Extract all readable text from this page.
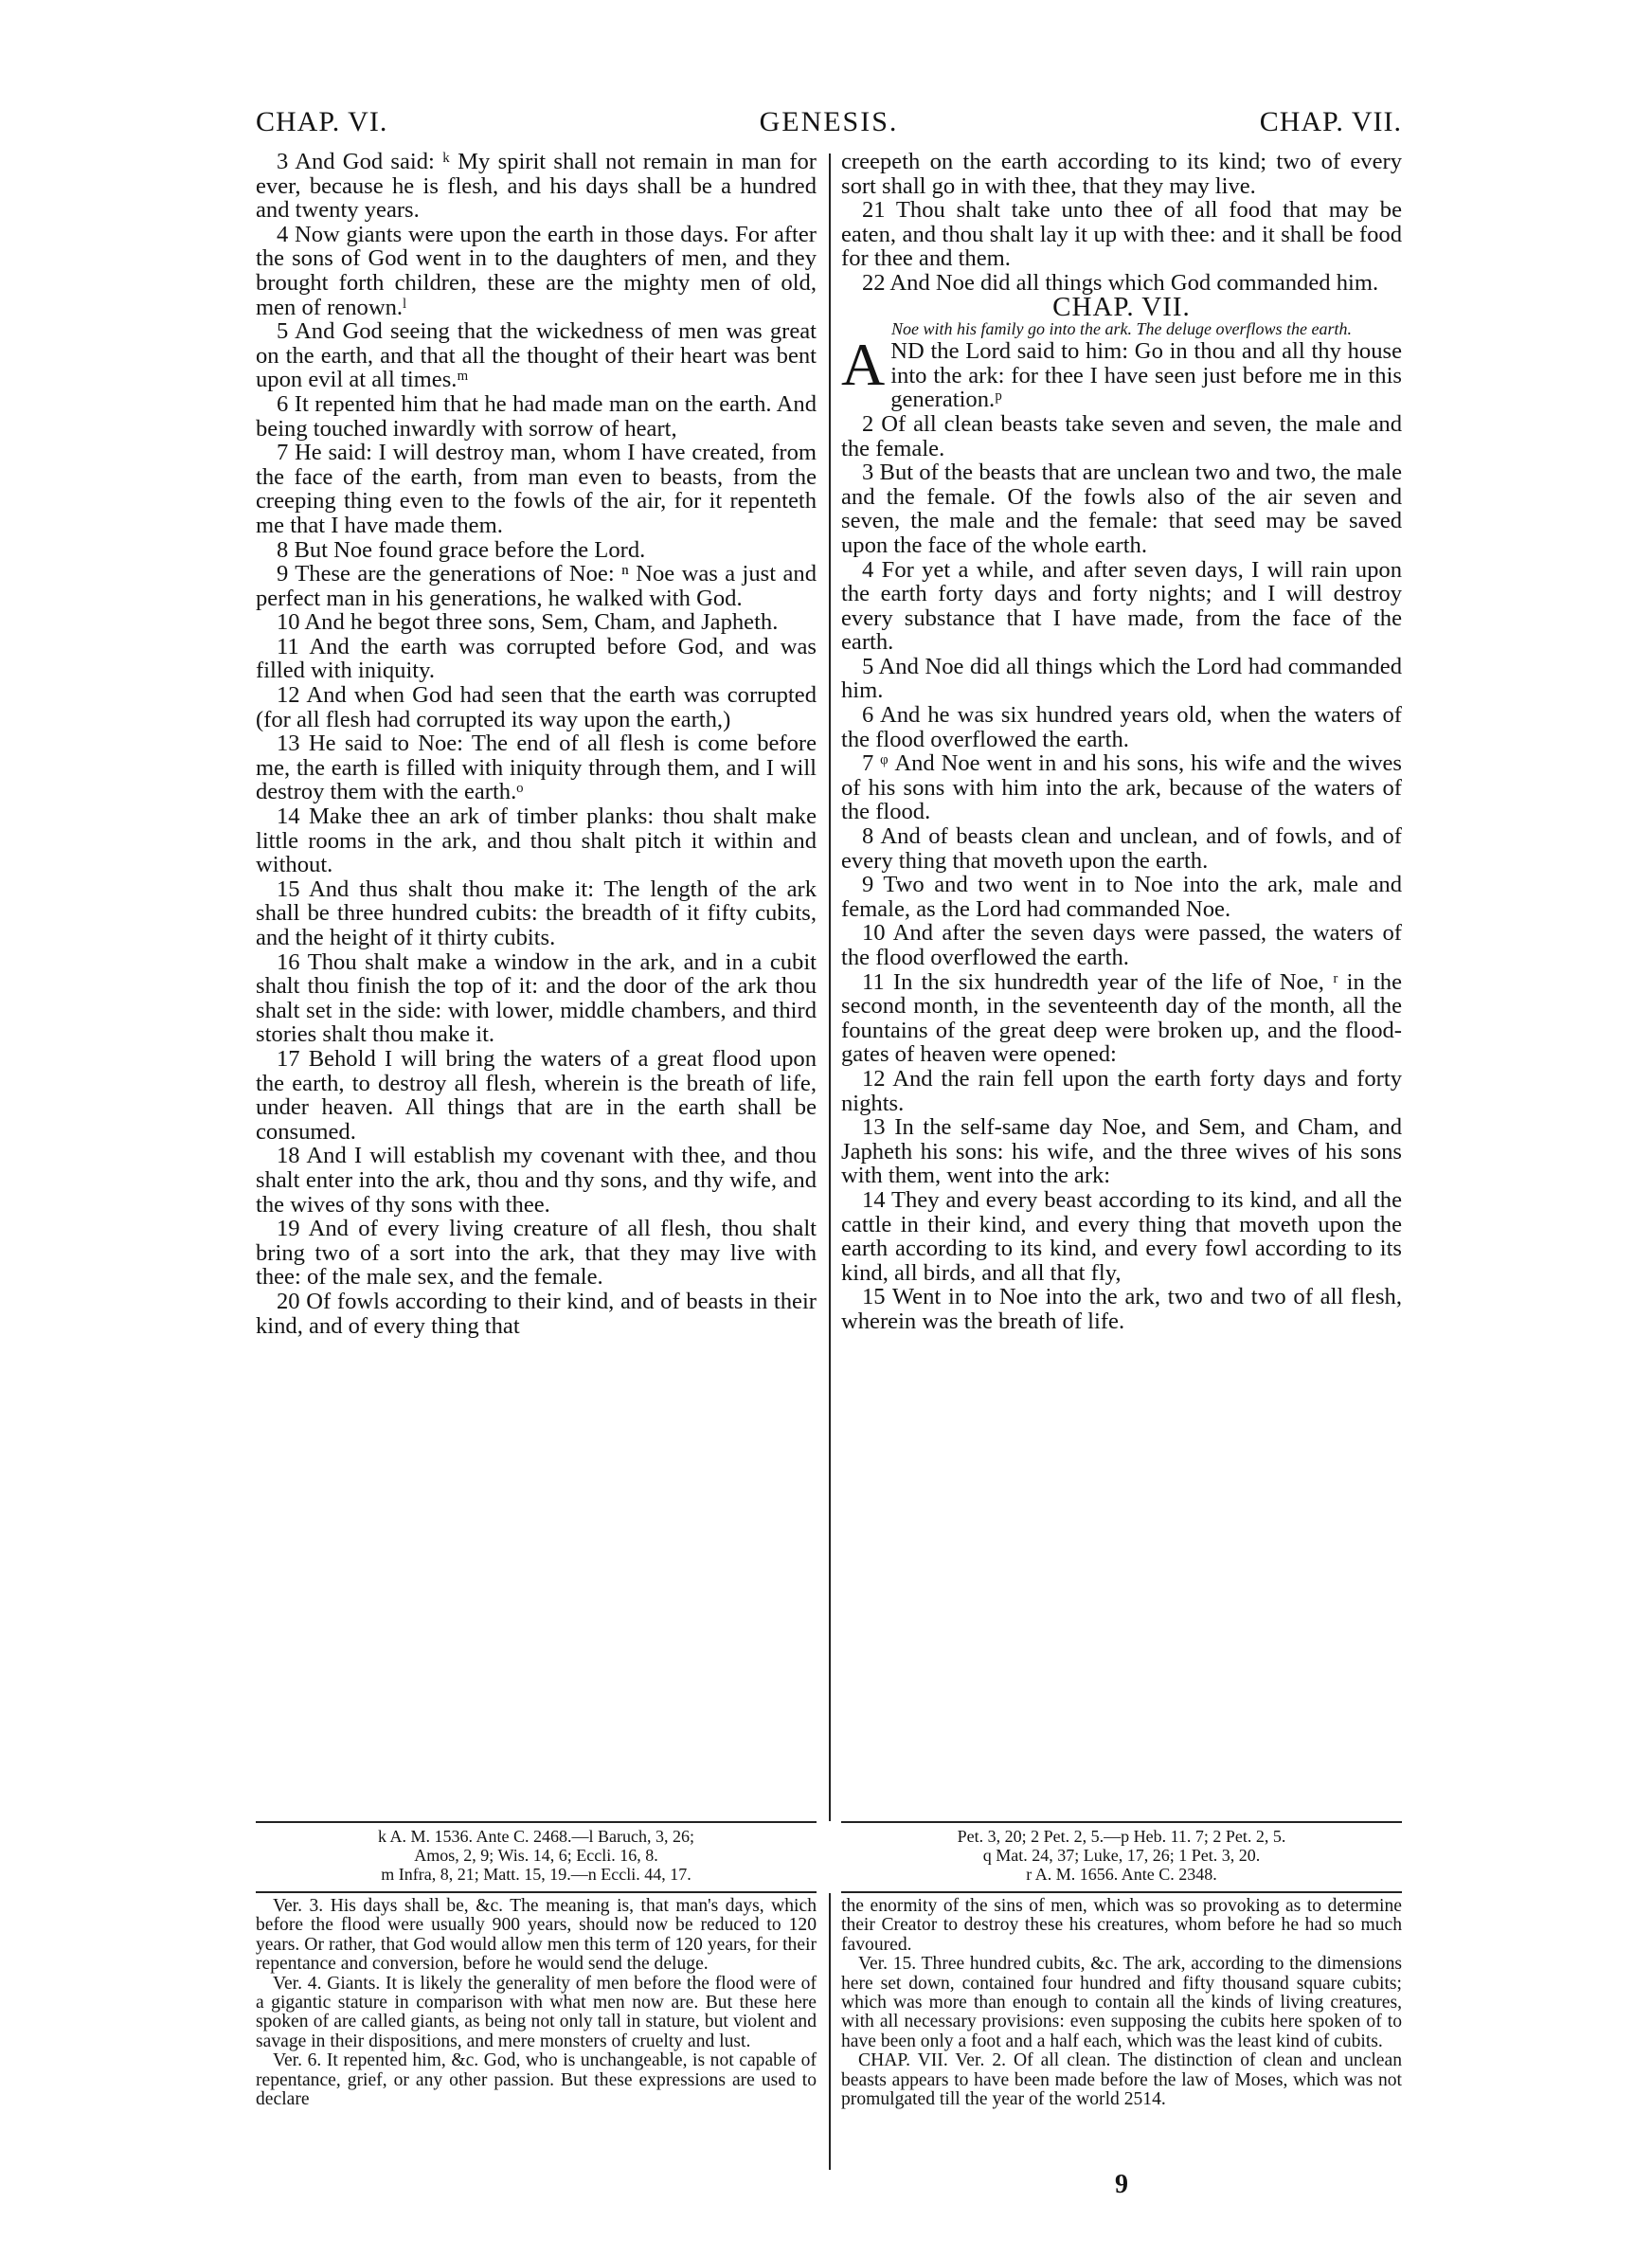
CHAP. VI.	GENESIS.	CHAP. VII.

3 And God said: ᵏ My spirit shall not remain in man for ever, because he is flesh, and his days shall be a hundred and twenty years.

4 Now giants were upon the earth in those days. For after the sons of God went in to the daughters of men, and they brought forth children, these are the mighty men of old, men of renown.ˡ

5 And God seeing that the wickedness of men was great on the earth, and that all the thought of their heart was bent upon evil at all times.ᵐ

6 It repented him that he had made man on the earth. And being touched inwardly with sorrow of heart,

7 He said: I will destroy man, whom I have created, from the face of the earth, from man even to beasts, from the creeping thing even to the fowls of the air, for it repenteth me that I have made them.

8 But Noe found grace before the Lord.

9 These are the generations of Noe: ⁿ Noe was a just and perfect man in his generations, he walked with God.

10 And he begot three sons, Sem, Cham, and Japheth.

11 And the earth was corrupted before God, and was filled with iniquity.

12 And when God had seen that the earth was corrupted (for all flesh had corrupted its way upon the earth,)

13 He said to Noe: The end of all flesh is come before me, the earth is filled with iniquity through them, and I will destroy them with the earth.ᵒ

14 Make thee an ark of timber planks: thou shalt make little rooms in the ark, and thou shalt pitch it within and without.

15 And thus shalt thou make it: The length of the ark shall be three hundred cubits: the breadth of it fifty cubits, and the height of it thirty cubits.

16 Thou shalt make a window in the ark, and in a cubit shalt thou finish the top of it: and the door of the ark thou shalt set in the side: with lower, middle chambers, and third stories shalt thou make it.

17 Behold I will bring the waters of a great flood upon the earth, to destroy all flesh, wherein is the breath of life, under heaven. All things that are in the earth shall be consumed.

18 And I will establish my covenant with thee, and thou shalt enter into the ark, thou and thy sons, and thy wife, and the wives of thy sons with thee.

19 And of every living creature of all flesh, thou shalt bring two of a sort into the ark, that they may live with thee: of the male sex, and the female.

20 Of fowls according to their kind, and of beasts in their kind, and of every thing that

creepeth on the earth according to its kind; two of every sort shall go in with thee, that they may live.

21 Thou shalt take unto thee of all food that may be eaten, and thou shalt lay it up with thee: and it shall be food for thee and them.

22 And Noe did all things which God commanded him.

CHAP. VII.

Noe with his family go into the ark. The deluge overflows the earth.

AND the Lord said to him: Go in thou and all thy house into the ark: for thee I have seen just before me in this generation.ᵖ

2 Of all clean beasts take seven and seven, the male and the female.

3 But of the beasts that are unclean two and two, the male and the female. Of the fowls also of the air seven and seven, the male and the female: that seed may be saved upon the face of the whole earth.

4 For yet a while, and after seven days, I will rain upon the earth forty days and forty nights; and I will destroy every substance that I have made, from the face of the earth.

5 And Noe did all things which the Lord had commanded him.

6 And he was six hundred years old, when the waters of the flood overflowed the earth.

7 ᵠ And Noe went in and his sons, his wife and the wives of his sons with him into the ark, because of the waters of the flood.

8 And of beasts clean and unclean, and of fowls, and of every thing that moveth upon the earth.

9 Two and two went in to Noe into the ark, male and female, as the Lord had commanded Noe.

10 And after the seven days were passed, the waters of the flood overflowed the earth.

11 In the six hundredth year of the life of Noe, ʳ in the second month, in the seventeenth day of the month, all the fountains of the great deep were broken up, and the flood-gates of heaven were opened:

12 And the rain fell upon the earth forty days and forty nights.

13 In the self-same day Noe, and Sem, and Cham, and Japheth his sons: his wife, and the three wives of his sons with them, went into the ark:

14 They and every beast according to its kind, and all the cattle in their kind, and every thing that moveth upon the earth according to its kind, and every fowl according to its kind, all birds, and all that fly,

15 Went in to Noe into the ark, two and two of all flesh, wherein was the breath of life.

k A. M. 1536. Ante C. 2468.—l Baruch, 3, 26;

Amos, 2, 9; Wis. 14, 6; Eccli. 16, 8.

m Infra, 8, 21; Matt. 15, 19.—n Eccli. 44, 17.

Pet. 3, 20; 2 Pet. 2, 5.—p Heb. 11. 7; 2 Pet. 2, 5.

q Mat. 24, 37; Luke, 17, 26; 1 Pet. 3, 20.

r A. M. 1656. Ante C. 2348.

Ver. 3. His days shall be, &c. The meaning is, that man's days, which before the flood were usually 900 years, should now be reduced to 120 years. Or rather, that God would allow men this term of 120 years, for their repentance and conversion, before he would send the deluge.

Ver. 4. Giants. It is likely the generality of men before the flood were of a gigantic stature in comparison with what men now are. But these here spoken of are called giants, as being not only tall in stature, but violent and savage in their dispositions, and mere monsters of cruelty and lust.

Ver. 6. It repented him, &c. God, who is unchangeable, is not capable of repentance, grief, or any other passion. But these expressions are used to declare

the enormity of the sins of men, which was so provoking as to determine their Creator to destroy these his creatures, whom before he had so much favoured.

Ver. 15. Three hundred cubits, &c. The ark, according to the dimensions here set down, contained four hundred and fifty thousand square cubits; which was more than enough to contain all the kinds of living creatures, with all necessary provisions: even supposing the cubits here spoken of to have been only a foot and a half each, which was the least kind of cubits.

CHAP. VII. Ver. 2. Of all clean. The distinction of clean and unclean beasts appears to have been made before the law of Moses, which was not promulgated till the year of the world 2514.

9
